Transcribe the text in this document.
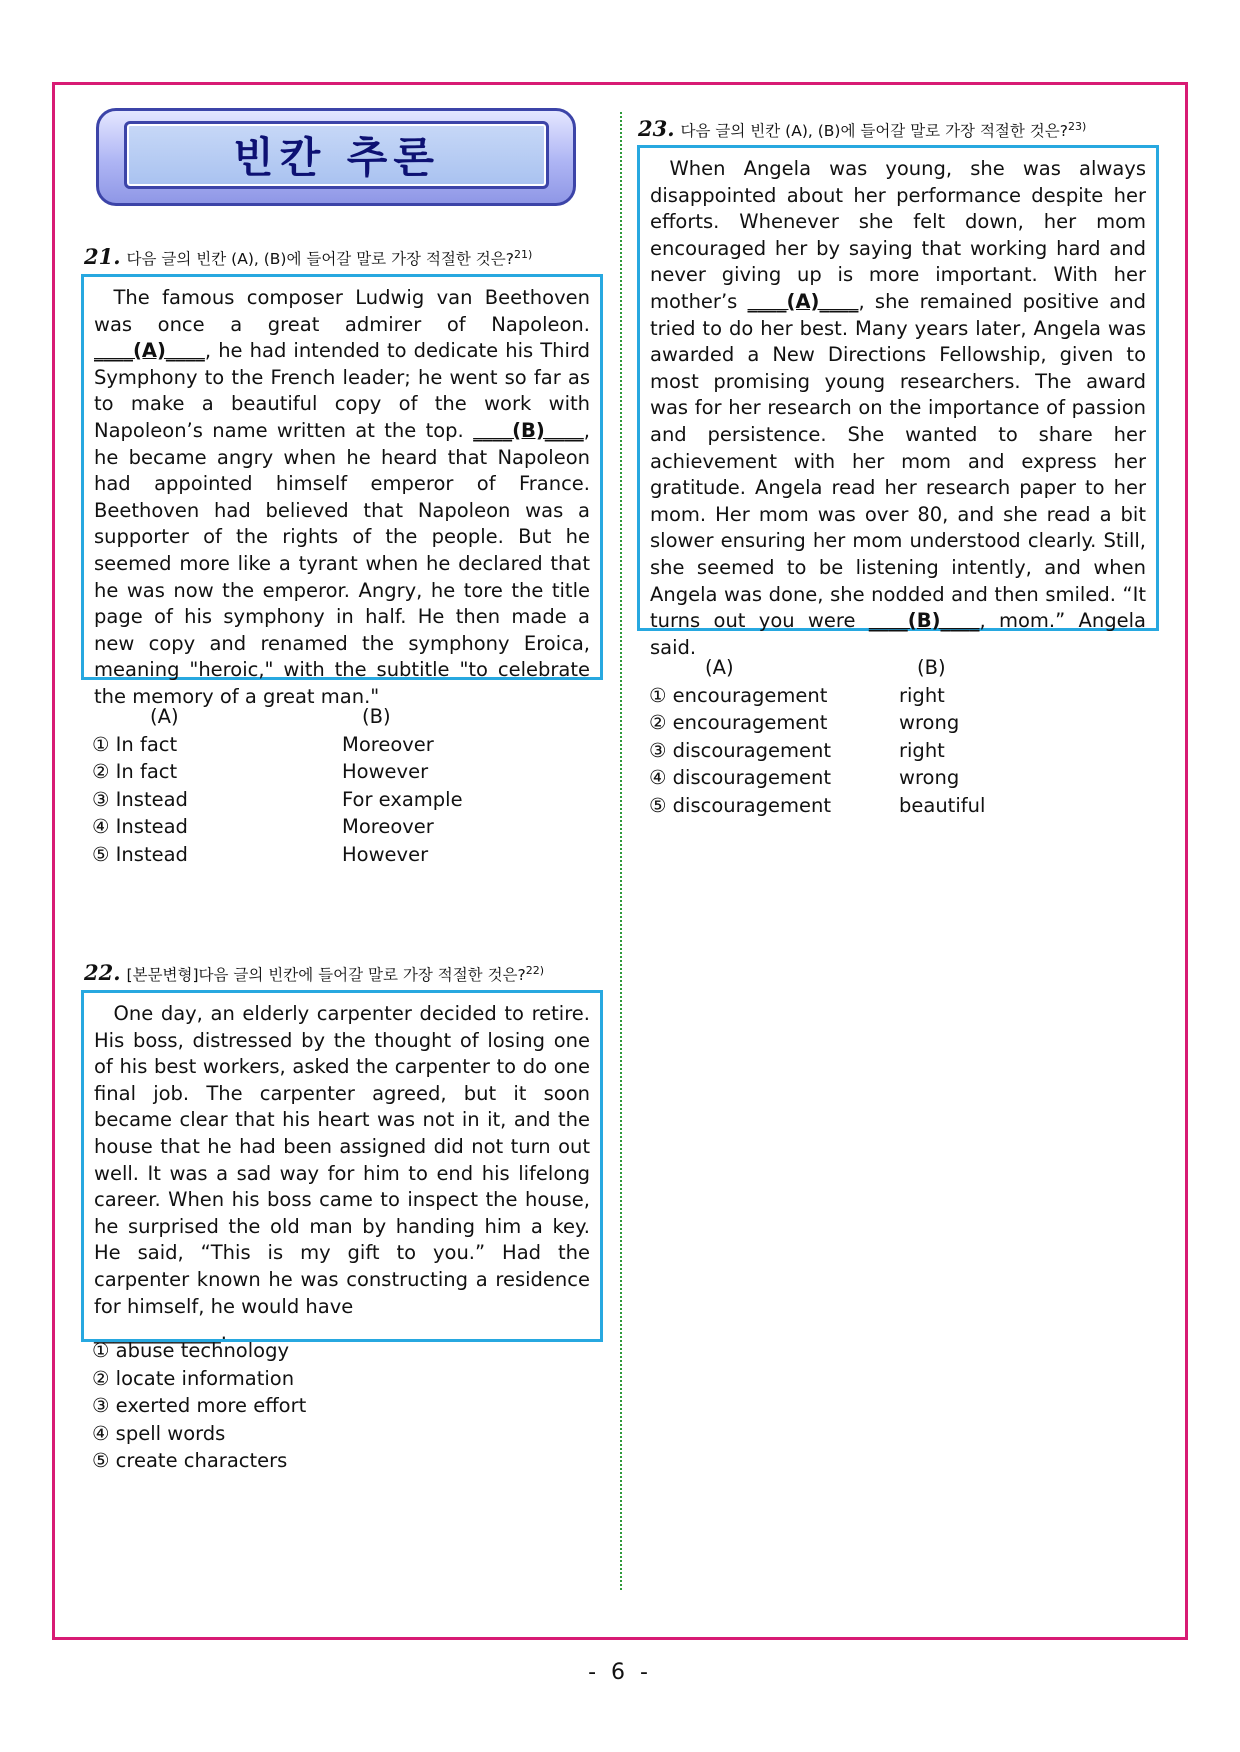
빈칸 추론
21. 다음 글의 빈칸 (A), (B)에 들어갈 말로 가장 적절한 것은?$^{21)}$

The famous composer Ludwig van Beethoven was once a great admirer of Napoleon. ____(A)____, he had intended to dedicate his Third Symphony to the French leader; he went so far as to make a beautiful copy of the work with Napoleon’s name written at the top. ____(B)____, he became angry when he heard that Napoleon had appointed himself emperor of France. Beethoven had believed that Napoleon was a supporter of the rights of the people. But he seemed more like a tyrant when he declared that he was now the emperor. Angry, he tore the title page of his symphony in half. He then made a new copy and renamed the symphony Eroica, meaning "heroic," with the subtitle "to celebrate the memory of a great man."

(A)	(B)
① In fact	Moreover
② In fact	However
③ Instead	For example
④ Instead	Moreover
⑤ Instead	However
22. [본문변형]다음 글의 빈칸에 들어갈 말로 가장 적절한 것은?$^{22)}$

One day, an elderly carpenter decided to retire. His boss, distressed by the thought of losing one of his best workers, asked the carpenter to do one final job. The carpenter agreed, but it soon became clear that his heart was not in it, and the house that he had been assigned did not turn out well. It was a sad way for him to end his lifelong career. When his boss came to inspect the house, he surprised the old man by handing him a key. He said, “This is my gift to you.” Had the carpenter known he was constructing a residence for himself, he would have
_____________.

① abuse technology
② locate information
③ exerted more effort
④ spell words
⑤ create characters
23. 다음 글의 빈칸 (A), (B)에 들어갈 말로 가장 적절한 것은?$^{23)}$

When Angela was young, she was always disappointed about her performance despite her efforts. Whenever she felt down, her mom encouraged her by saying that working hard and never giving up is more important. With her mother’s ____(A)____, she remained positive and tried to do her best. Many years later, Angela was awarded a New Directions Fellowship, given to most promising young researchers. The award was for her research on the importance of passion and persistence. She wanted to share her achievement with her mom and express her gratitude. Angela read her research paper to her mom. Her mom was over 80, and she read a bit slower ensuring her mom understood clearly. Still, she seemed to be listening intently, and when Angela was done, she nodded and then smiled. “It turns out you were ____(B)____, mom.” Angela said.

(A)	(B)
① encouragement	right
② encouragement	wrong
③ discouragement	right
④ discouragement	wrong
⑤ discouragement	beautiful
- 6 -
